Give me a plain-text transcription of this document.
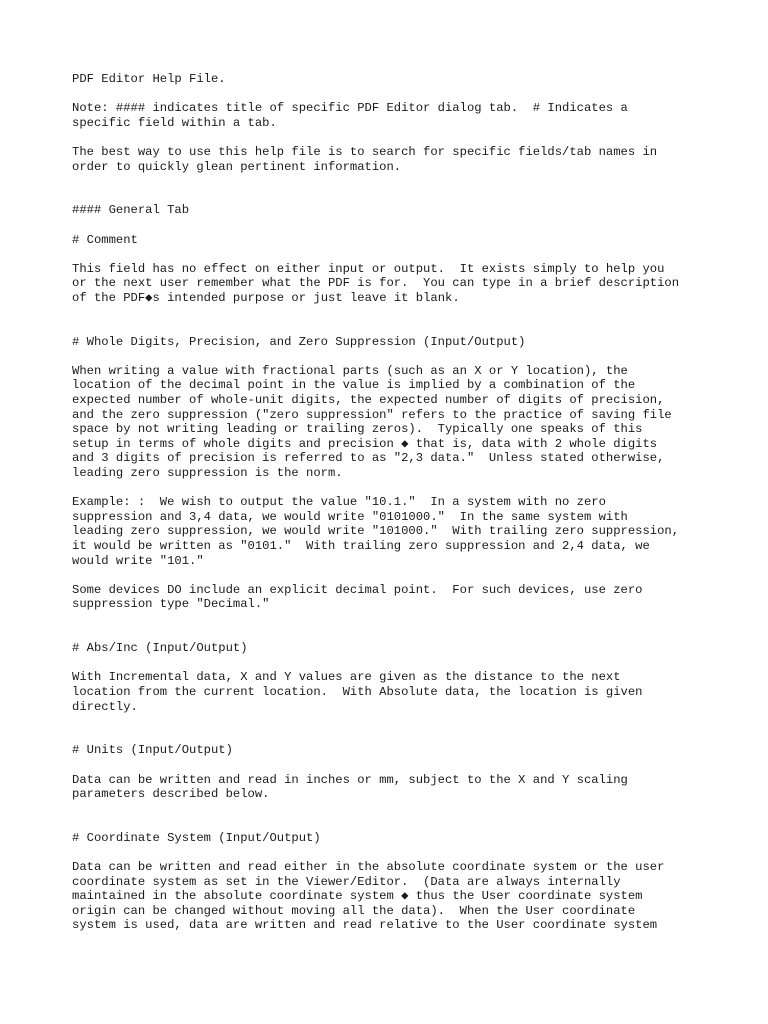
PDF Editor Help File.
Note: #### indicates title of specific PDF Editor dialog tab.  # Indicates a
specific field within a tab.
The best way to use this help file is to search for specific fields/tab names in
order to quickly glean pertinent information.
#### General Tab
# Comment
This field has no effect on either input or output.  It exists simply to help you
or the next user remember what the PDF is for.  You can type in a brief description
of the PDF◆s intended purpose or just leave it blank.
# Whole Digits, Precision, and Zero Suppression (Input/Output)
When writing a value with fractional parts (such as an X or Y location), the
location of the decimal point in the value is implied by a combination of the
expected number of whole-unit digits, the expected number of digits of precision,
and the zero suppression ("zero suppression" refers to the practice of saving file
space by not writing leading or trailing zeros).  Typically one speaks of this
setup in terms of whole digits and precision ◆ that is, data with 2 whole digits
and 3 digits of precision is referred to as "2,3 data."  Unless stated otherwise,
leading zero suppression is the norm.
Example: :  We wish to output the value "10.1."  In a system with no zero
suppression and 3,4 data, we would write "0101000."  In the same system with
leading zero suppression, we would write "101000."  With trailing zero suppression,
it would be written as "0101."  With trailing zero suppression and 2,4 data, we
would write "101."
Some devices DO include an explicit decimal point.  For such devices, use zero
suppression type "Decimal."
# Abs/Inc (Input/Output)
With Incremental data, X and Y values are given as the distance to the next
location from the current location.  With Absolute data, the location is given
directly.
# Units (Input/Output)
Data can be written and read in inches or mm, subject to the X and Y scaling
parameters described below.
# Coordinate System (Input/Output)
Data can be written and read either in the absolute coordinate system or the user
coordinate system as set in the Viewer/Editor.  (Data are always internally
maintained in the absolute coordinate system ◆ thus the User coordinate system
origin can be changed without moving all the data).  When the User coordinate
system is used, data are written and read relative to the User coordinate system
